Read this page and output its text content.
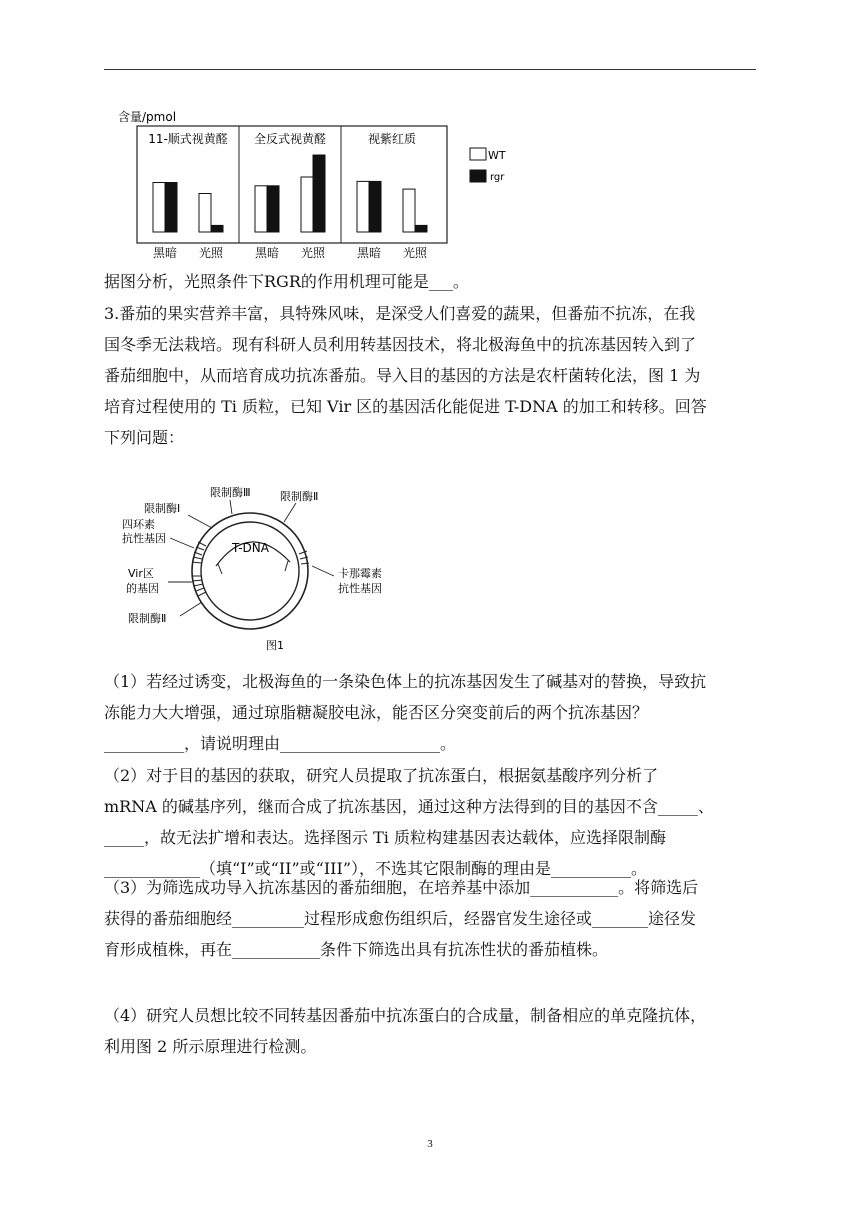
含量/pmol
11-顺式视黄醛
黑暗 光照
全反式视黄醛
黑暗 光照
视紫红质
黑暗 光照
WT
rgr

据图分析，光照条件下RGR的作用机理可能是___。

3.番茄的果实营养丰富，具特殊风味，是深受人们喜爱的蔬果，但番茄不抗冻，在我
国冬季无法栽培。现有科研人员利用转基因技术，将北极海鱼中的抗冻基因转入到了
番茄细胞中，从而培育成功抗冻番茄。导入目的基因的方法是农杆菌转化法，图 1 为
培育过程使用的 Ti 质粒，已知 Vir 区的基因活化能促进 T-DNA 的加工和转移。回答
下列问题：
T-DNA
限制酶Ⅲ	限制酶Ⅱ
限制酶Ⅰ
四环素
抗性基因
Vir区
的基因
限制酶Ⅱ
卡那霉素
抗性基因
图1
（1）若经过诱变，北极海鱼的一条染色体上的抗冻基因发生了碱基对的替换，导致抗
冻能力大大增强，通过琼脂糖凝胶电泳，能否区分突变前后的两个抗冻基因？
__________，请说明理由____________________。
（2）对于目的基因的获取，研究人员提取了抗冻蛋白，根据氨基酸序列分析了
mRNA 的碱基序列，继而合成了抗冻基因，通过这种方法得到的目的基因不含_____、
_____，故无法扩增和表达。选择图示 Ti 质粒构建基因表达载体，应选择限制酶
____________（填“I”或“II”或“III”），不选其它限制酶的理由是__________。
（3）为筛选成功导入抗冻基因的番茄细胞，在培养基中添加___________。将筛选后
获得的番茄细胞经_________过程形成愈伤组织后，经器官发生途径或_______途径发
育形成植株，再在___________条件下筛选出具有抗冻性状的番茄植株。
（4）研究人员想比较不同转基因番茄中抗冻蛋白的合成量，制备相应的单克隆抗体，
利用图 2 所示原理进行检测。
3
